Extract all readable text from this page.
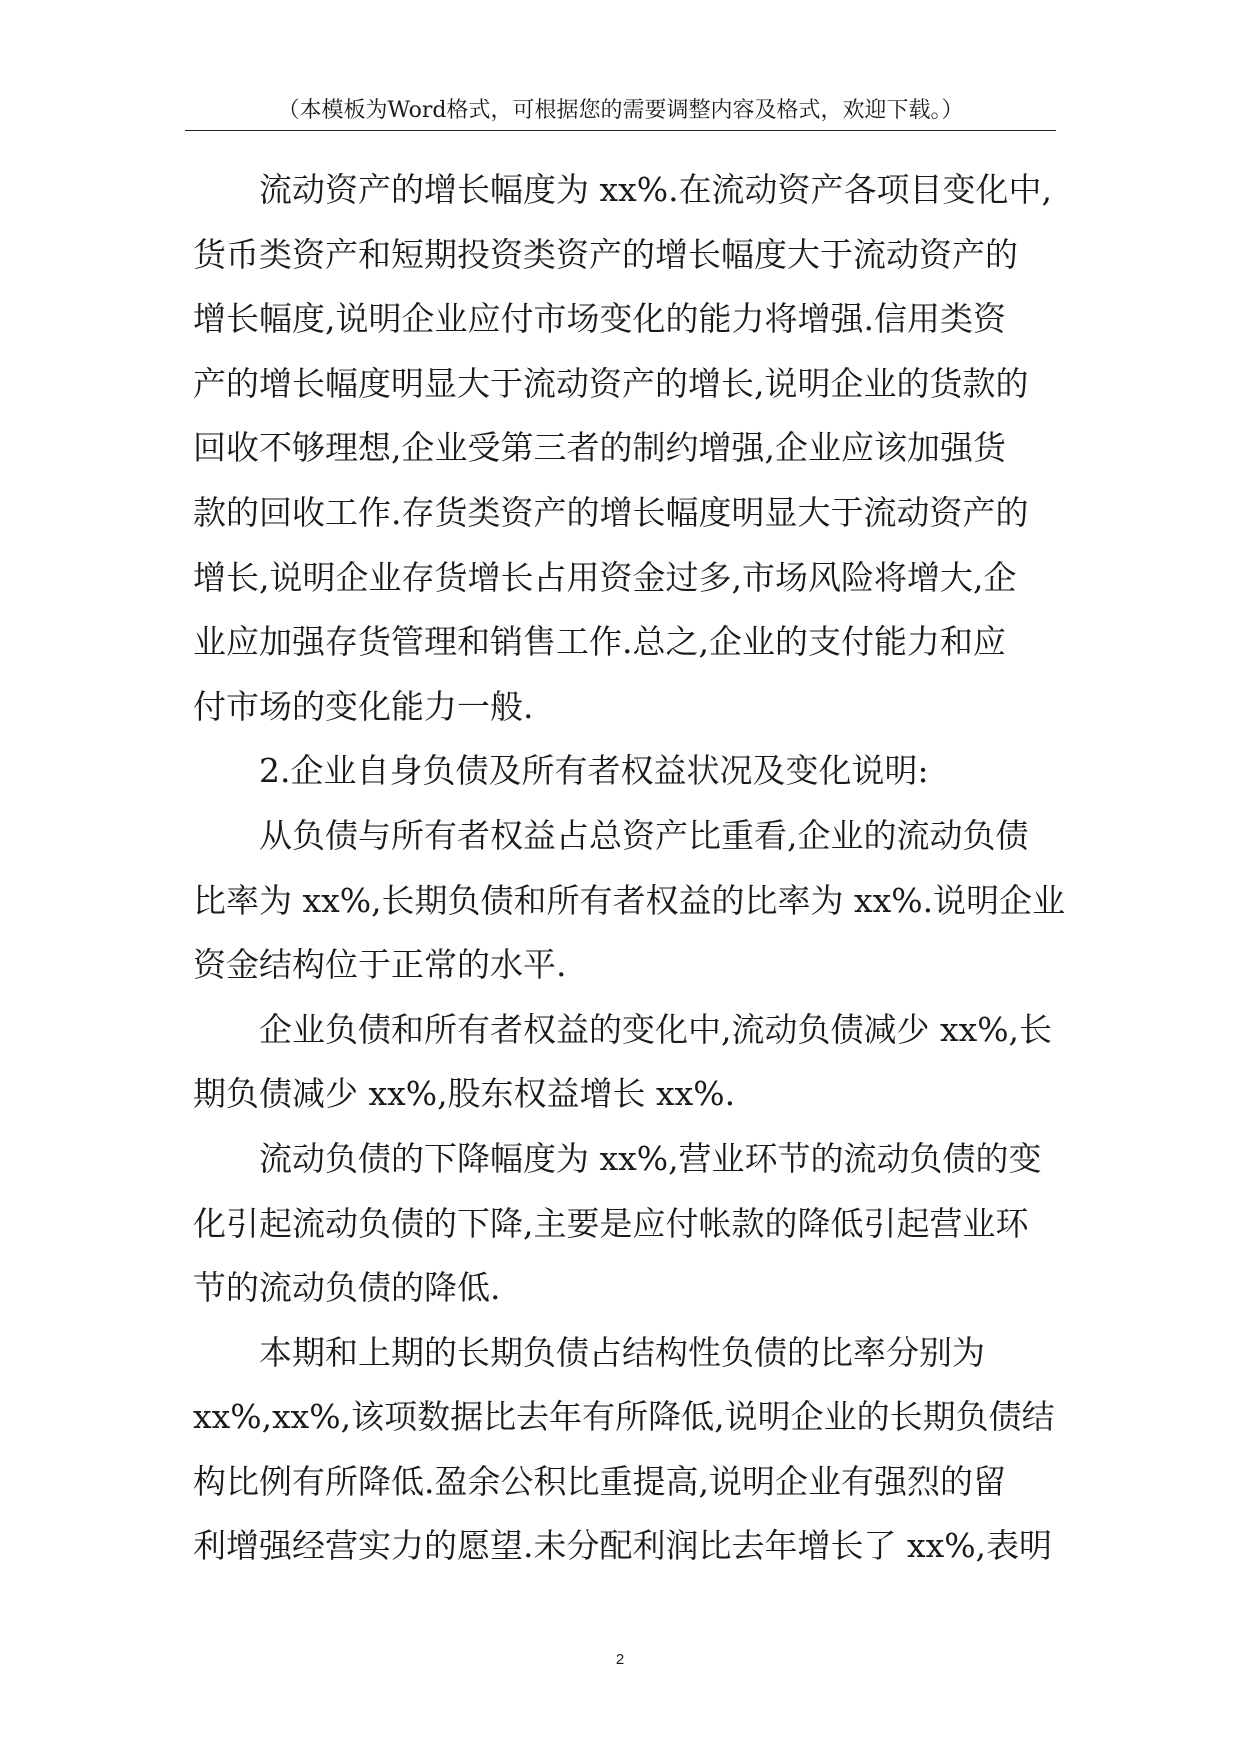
（本模板为Word格式，可根据您的需要调整内容及格式，欢迎下载。）
流动资产的增长幅度为 xx%.在流动资产各项目变化中,
货币类资产和短期投资类资产的增长幅度大于流动资产的
增长幅度,说明企业应付市场变化的能力将增强.信用类资
产的增长幅度明显大于流动资产的增长,说明企业的货款的
回收不够理想,企业受第三者的制约增强,企业应该加强货
款的回收工作.存货类资产的增长幅度明显大于流动资产的
增长,说明企业存货增长占用资金过多,市场风险将增大,企
业应加强存货管理和销售工作.总之,企业的支付能力和应
付市场的变化能力一般.
2.企业自身负债及所有者权益状况及变化说明:
从负债与所有者权益占总资产比重看,企业的流动负债
比率为 xx%,长期负债和所有者权益的比率为 xx%.说明企业
资金结构位于正常的水平.
企业负债和所有者权益的变化中,流动负债减少 xx%,长
期负债减少 xx%,股东权益增长 xx%.
流动负债的下降幅度为 xx%,营业环节的流动负债的变
化引起流动负债的下降,主要是应付帐款的降低引起营业环
节的流动负债的降低.
本期和上期的长期负债占结构性负债的比率分别为
xx%,xx%,该项数据比去年有所降低,说明企业的长期负债结
构比例有所降低.盈余公积比重提高,说明企业有强烈的留
利增强经营实力的愿望.未分配利润比去年增长了 xx%,表明
2
